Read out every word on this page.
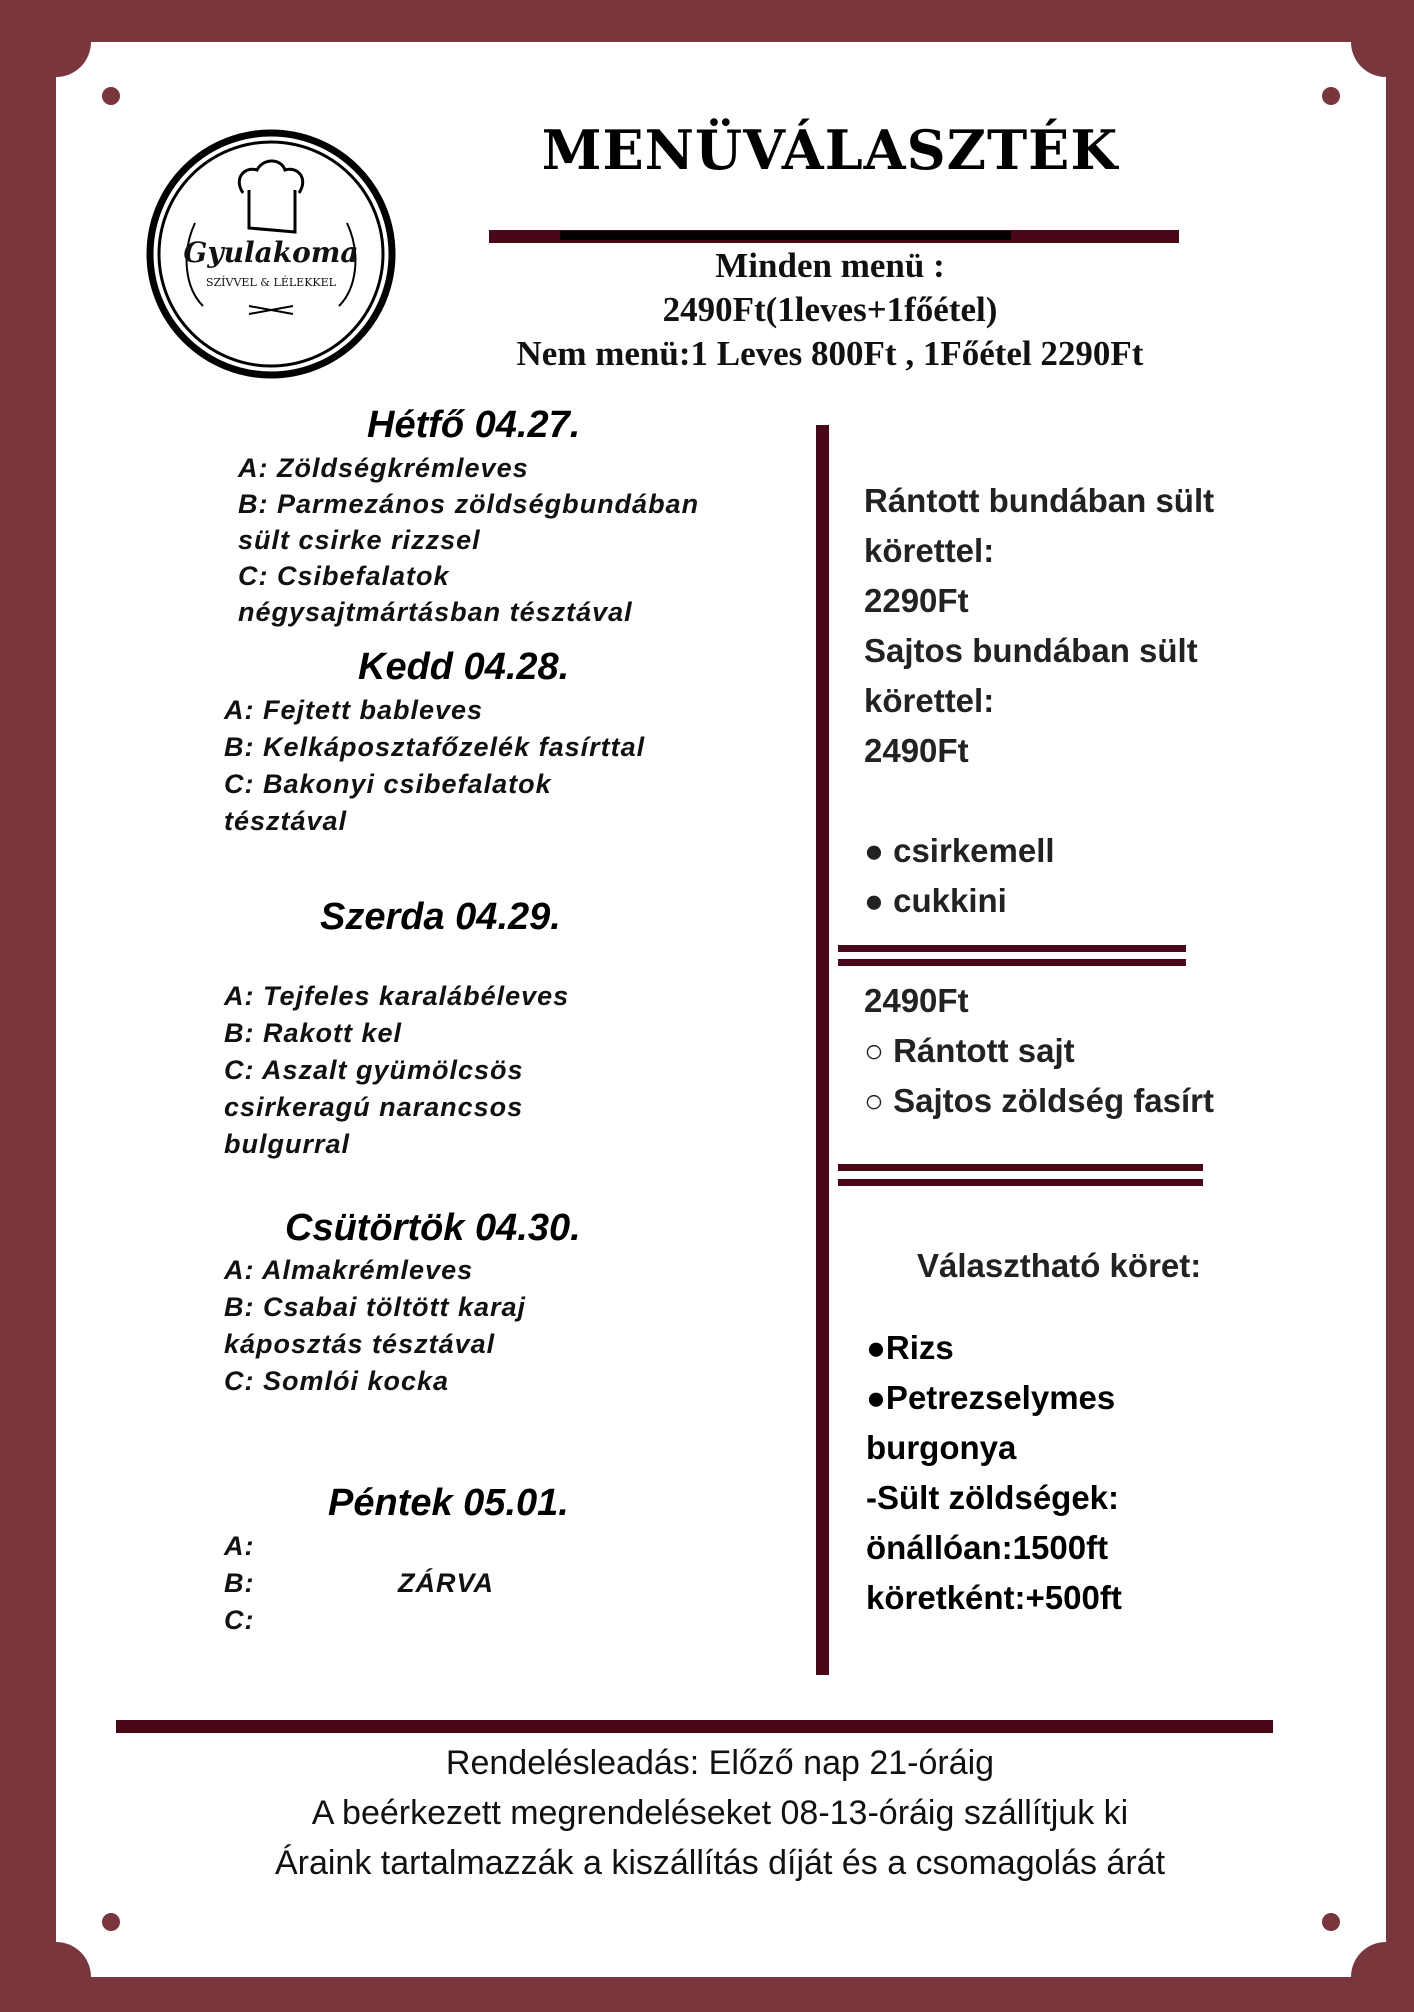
Gyulakoma
SZÍVVEL & LÉLEKKEL
MENÜVÁLASZTÉK
Minden menü :
2490Ft(1leves+1főétel)
Nem menü:1 Leves 800Ft , 1Főétel 2290Ft
Hétfő 04.27.
A: Zöldségkrémleves
B: Parmezános zöldségbundában
sült csirke rizzsel
C: Csibefalatok
négysajtmártásban tésztával
Kedd 04.28.
A: Fejtett bableves
B: Kelkáposztafőzelék fasírttal
C: Bakonyi csibefalatok
tésztával
Szerda 04.29.
A: Tejfeles karalábéleves
B: Rakott kel
C: Aszalt gyümölcsös
csirkeragú narancsos
bulgurral
Csütörtök 04.30.
A: Almakrémleves
B: Csabai töltött karaj
káposztás tésztával
C: Somlói kocka
Péntek 05.01.
A:
B:
C:
ZÁRVA
Rántott bundában sült
körettel:
2290Ft
Sajtos bundában sült
körettel:
2490Ft
● csirkemell
● cukkini
2490Ft
○ Rántott sajt
○ Sajtos zöldség fasírt
Választható köret:
●Rizs
●Petrezselymes
burgonya
-Sült zöldségek:
önállóan:1500ft
köretként:+500ft
Rendelésleadás: Előző nap 21-óráig
A beérkezett megrendeléseket 08-13-óráig szállítjuk ki
Áraink tartalmazzák a kiszállítás díját és a csomagolás árát
